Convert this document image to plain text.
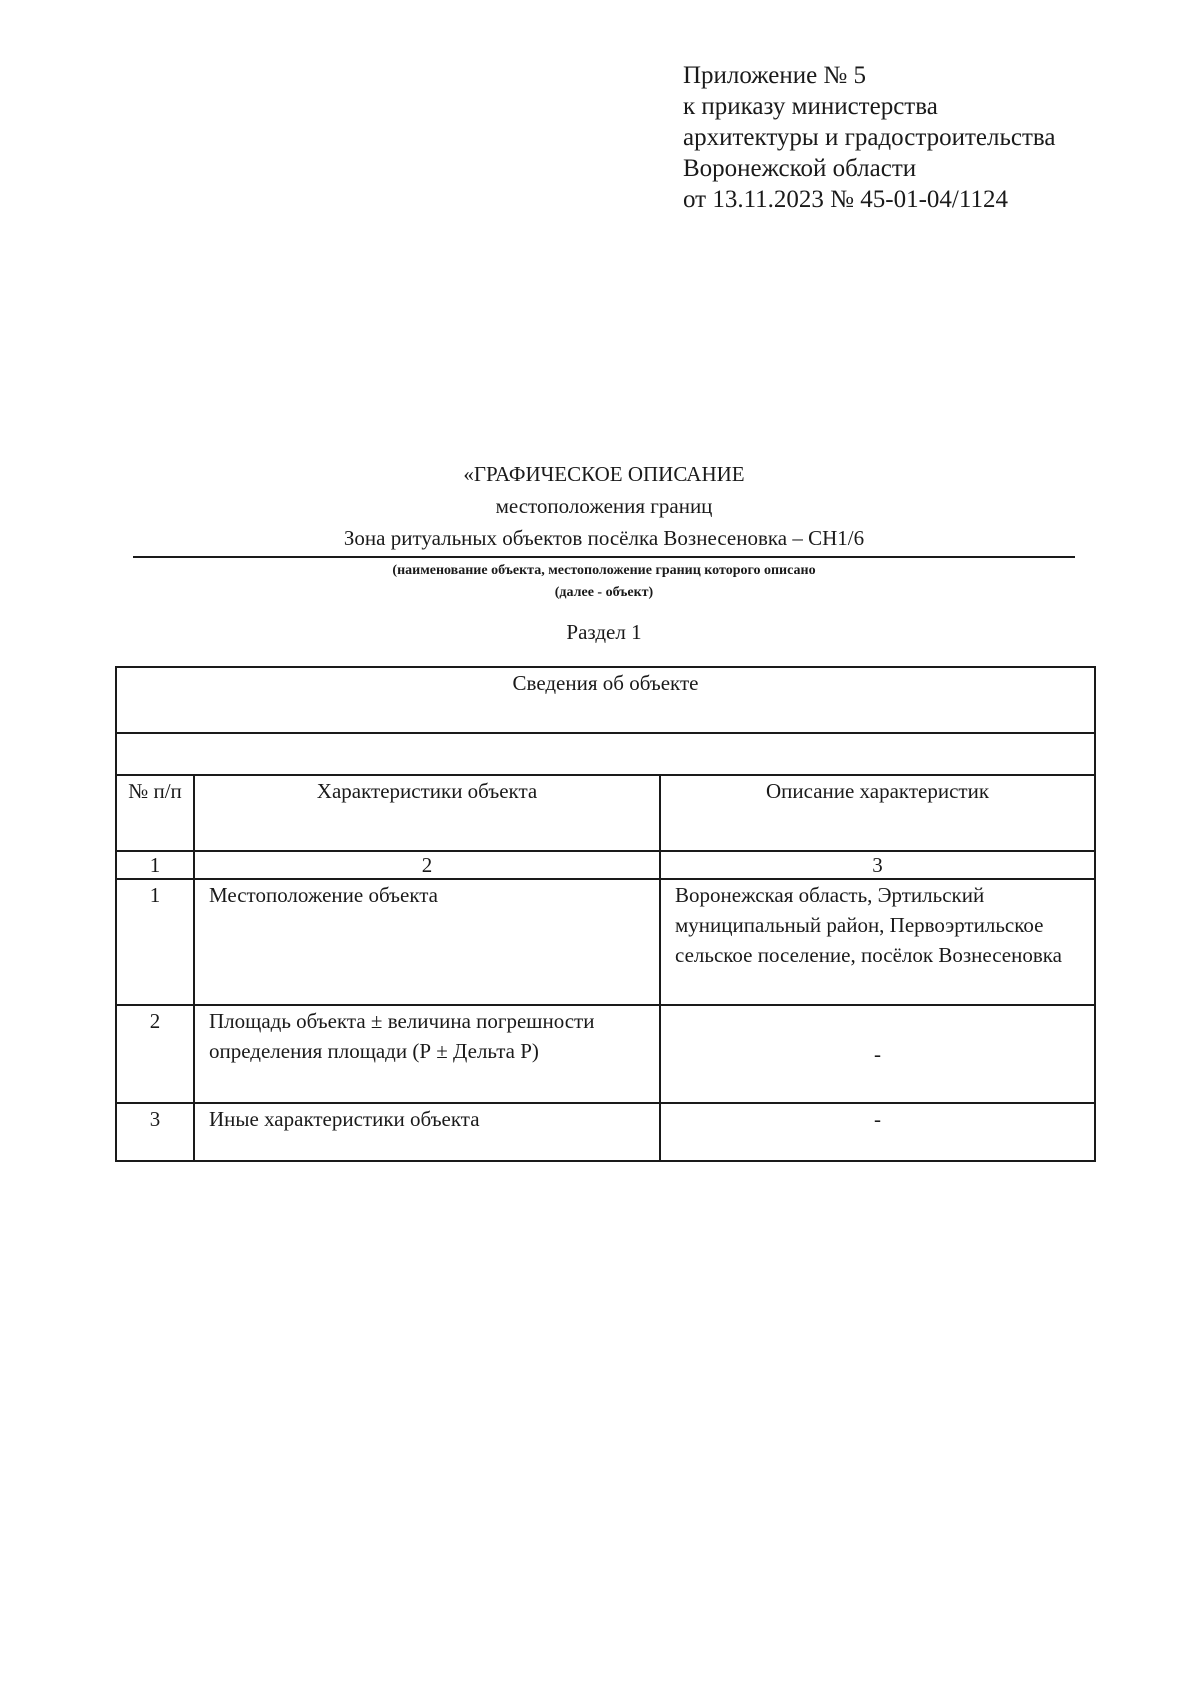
Приложение № 5
к приказу министерства
архитектуры и градостроительства
Воронежской области
от 13.11.2023 № 45-01-04/1124
«ГРАФИЧЕСКОЕ ОПИСАНИЕ
местоположения границ
Зона ритуальных объектов посёлка Вознесеновка – СН1/6
(наименование объекта, местоположение границ которого описано
(далее - объект)
Раздел 1
Сведения об объекте		

№ п/п	Характеристики объекта	Описание характеристик
1	2	3
1	Местоположение объекта	Воронежская область, Эртильский муниципальный район, Первоэртильское сельское поселение, посёлок Вознесеновка
2	Площадь объекта ± величина погрешности определения площади (Р ± Дельта Р)	-
3	Иные характеристики объекта	-
